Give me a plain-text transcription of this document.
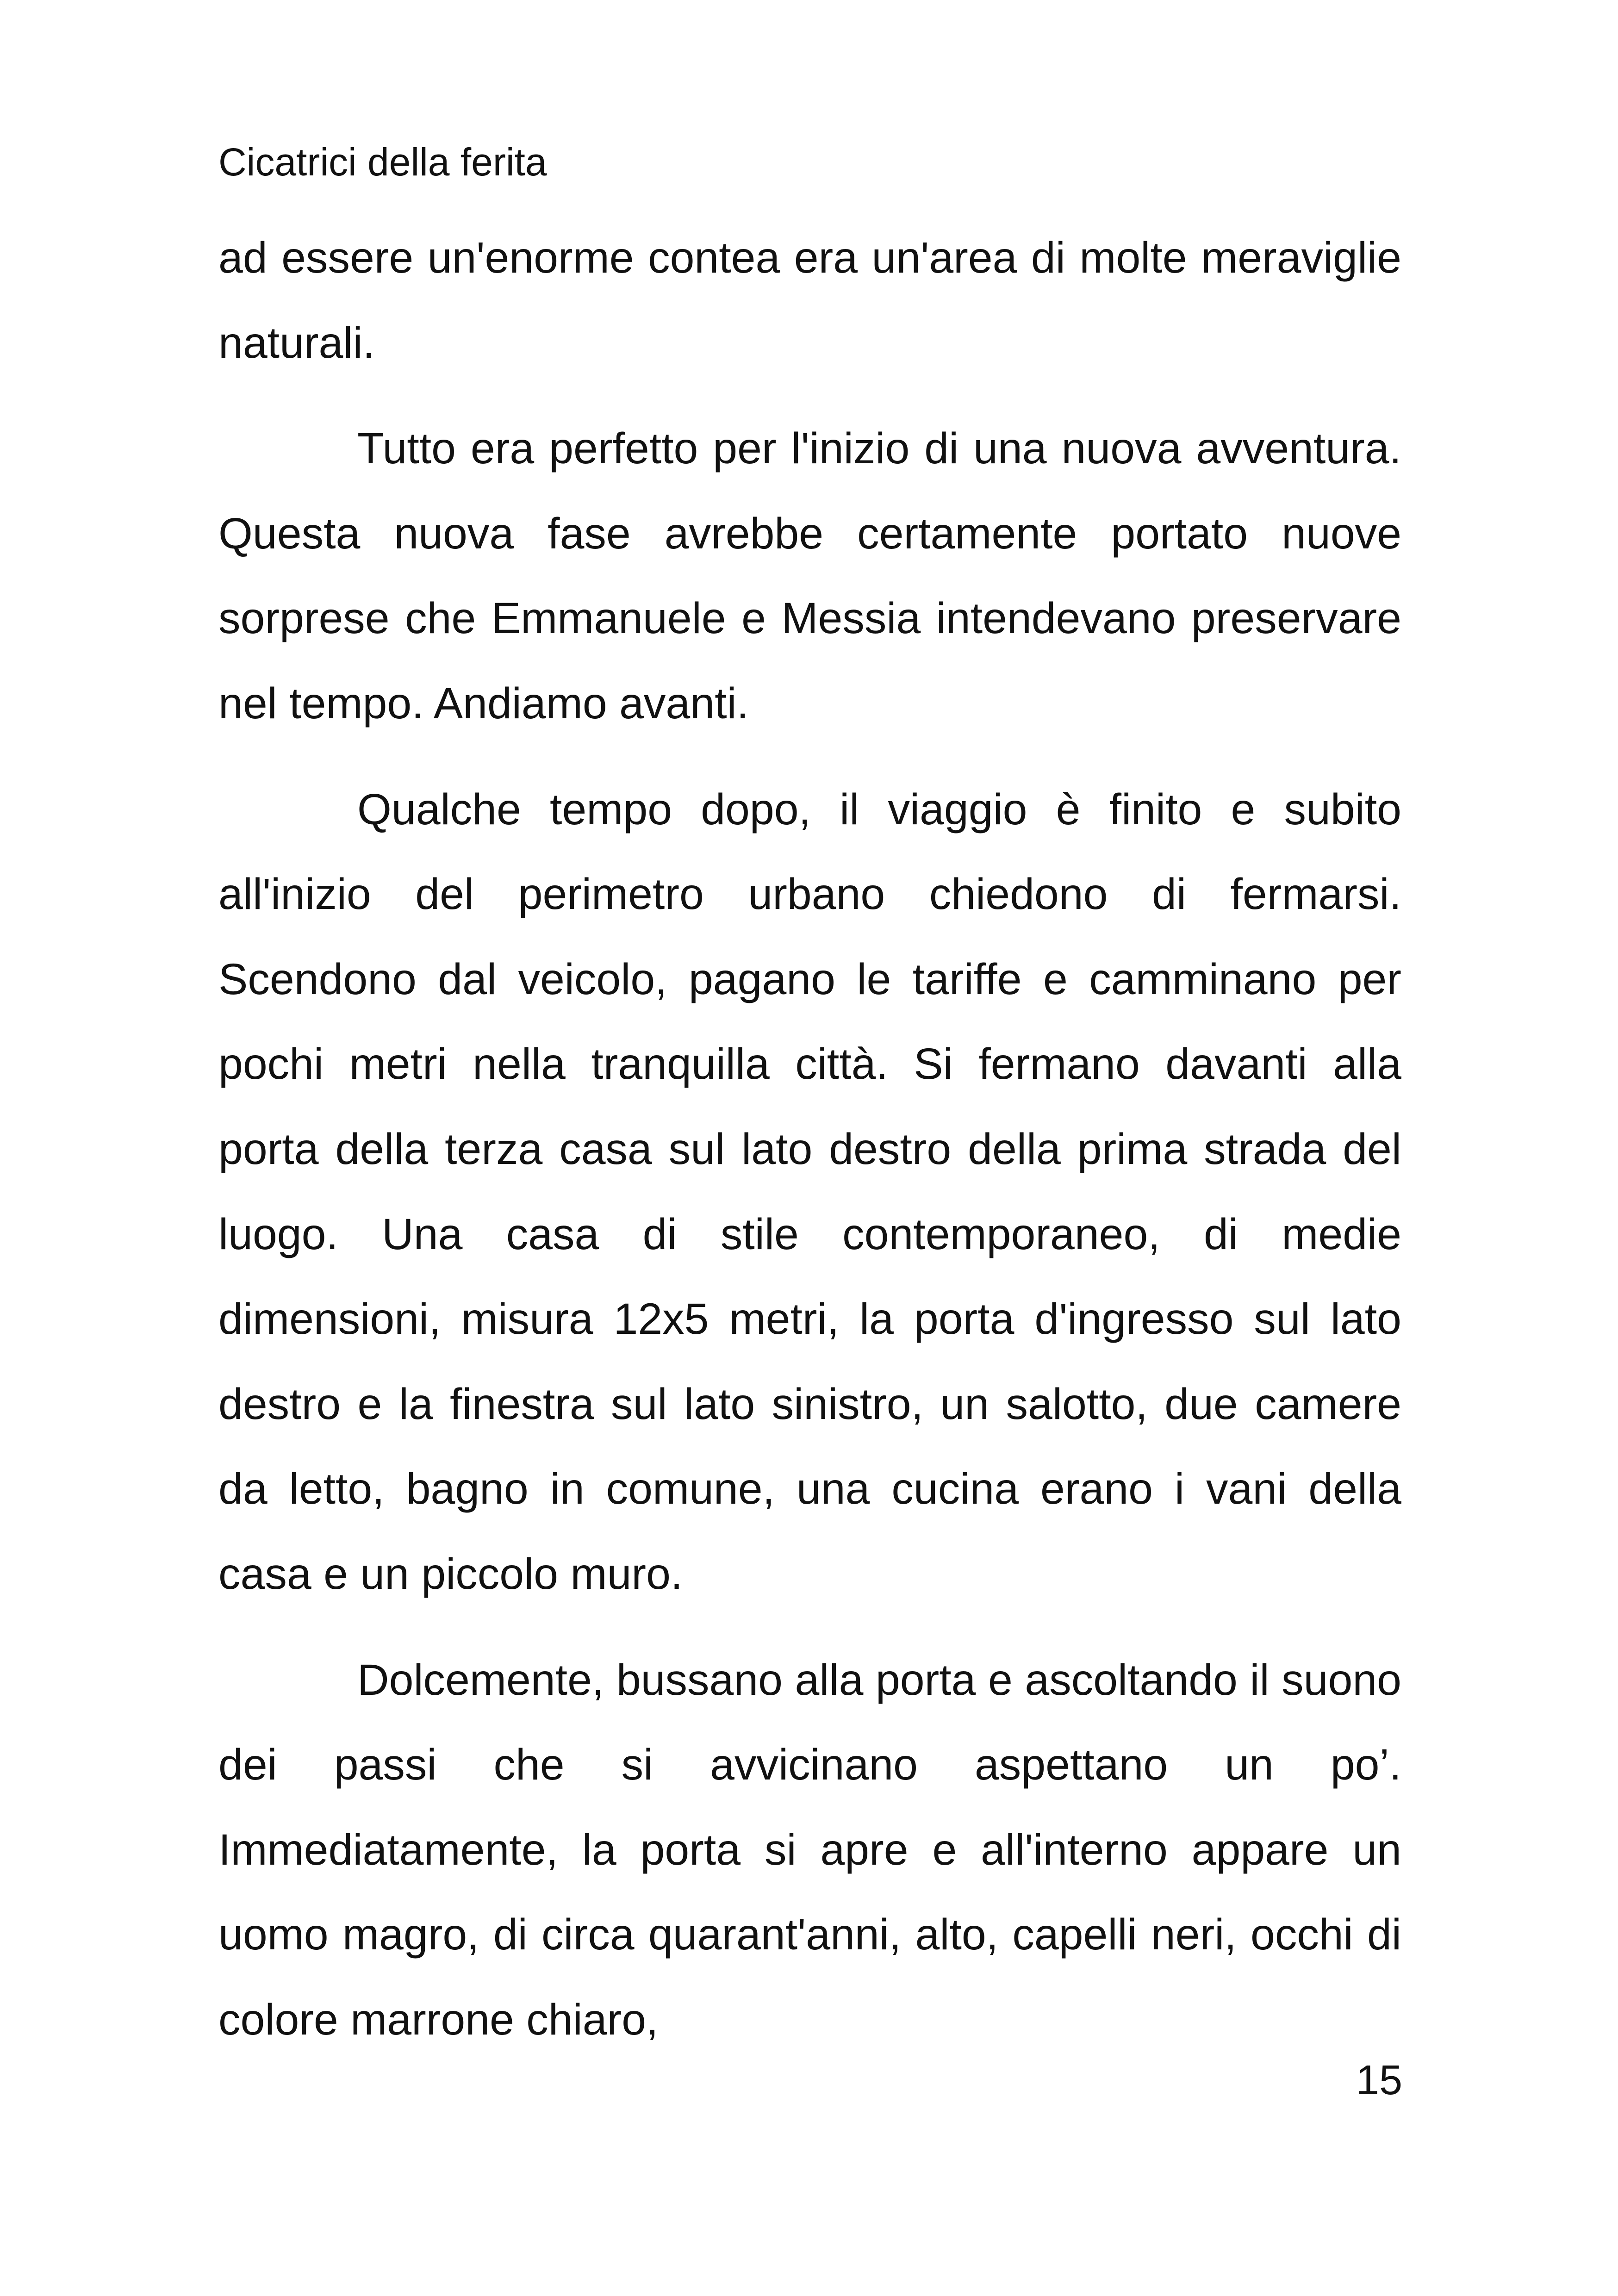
Cicatrici della ferita

ad essere un'enorme contea era un'area di molte meraviglie naturali.

Tutto era perfetto per l'inizio di una nuova avventura. Questa nuova fase avrebbe certamente portato nuove sorprese che Emmanuele e Messia intendevano preservare nel tempo. Andiamo avanti.

Qualche tempo dopo, il viaggio è finito e subito all'inizio del perimetro urbano chiedono di fermarsi. Scendono dal veicolo, pagano le tariffe e camminano per pochi metri nella tranquilla città. Si fermano davanti alla porta della terza casa sul lato destro della prima strada del luogo. Una casa di stile contemporaneo, di medie dimensioni, misura 12x5 metri, la porta d'ingresso sul lato destro e la finestra sul lato sinistro, un salotto, due camere da letto, bagno in comune, una cucina erano i vani della casa e un piccolo muro.

Dolcemente, bussano alla porta e ascoltando il suono dei passi che si avvicinano aspettano un po’. Immediatamente, la porta si apre e all'interno appare un uomo magro, di circa quarant'anni, alto, capelli neri, occhi di colore marrone chiaro,

15
